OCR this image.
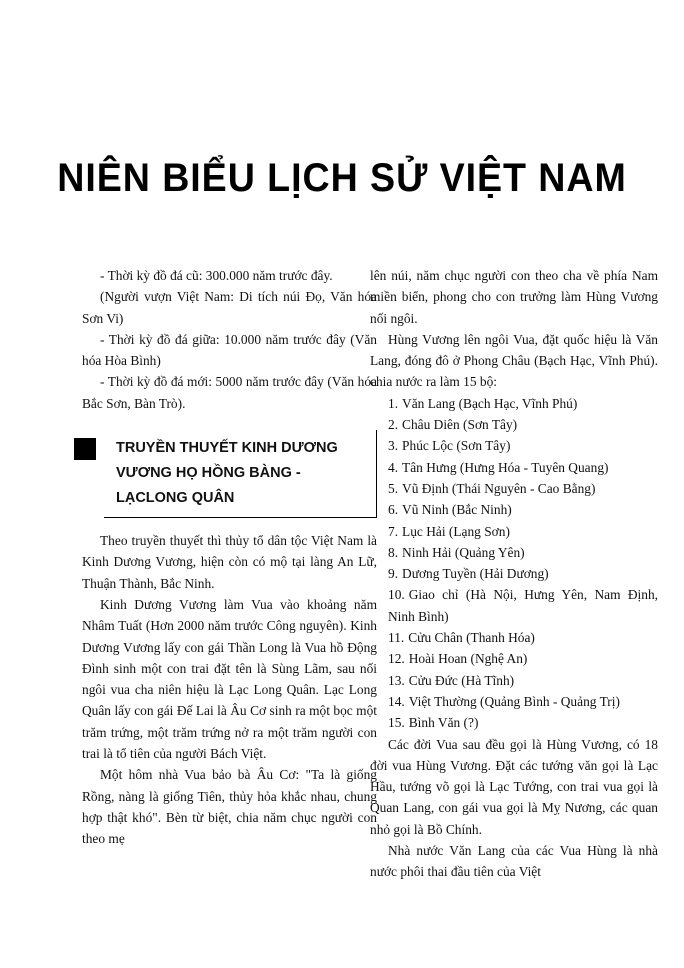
NIÊN BIỂU LỊCH SỬ VIỆT NAM

- Thời kỳ đồ đá cũ: 300.000 năm trước đây.

(Người vượn Việt Nam: Di tích núi Đọ, Văn hóa Sơn Vi)

- Thời kỳ đồ đá giữa: 10.000 năm trước đây (Văn hóa Hòa Bình)

- Thời kỳ đồ đá mới: 5000 năm trước đây (Văn hóa Bắc Sơn, Bàn Trò).

TRUYỀN THUYẾT KINH DƯƠNG VƯƠNG HỌ HỒNG BÀNG - LẠCLONG QUÂN

Theo truyền thuyết thì thủy tổ dân tộc Việt Nam là Kinh Dương Vương, hiện còn có mộ tại làng An Lữ, Thuận Thành, Bắc Ninh.

Kinh Dương Vương làm Vua vào khoảng năm Nhâm Tuất (Hơn 2000 năm trước Công nguyên). Kinh Dương Vương lấy con gái Thần Long là Vua hồ Động Đình sinh một con trai đặt tên là Sùng Lãm, sau nối ngôi vua cha niên hiệu là Lạc Long Quân. Lạc Long Quân lấy con gái Đế Lai là Âu Cơ sinh ra một bọc một trăm trứng, một trăm trứng nở ra một trăm người con trai là tổ tiên của người Bách Việt.

Một hôm nhà Vua bảo bà Âu Cơ: "Ta là giống Rồng, nàng là giống Tiên, thủy hỏa khắc nhau, chung hợp thật khó". Bèn từ biệt, chia năm chục người con theo mẹ

lên núi, năm chục người con theo cha về phía Nam miền biển, phong cho con trưởng làm Hùng Vương nối ngôi.

Hùng Vương lên ngôi Vua, đặt quốc hiệu là Văn Lang, đóng đô ở Phong Châu (Bạch Hạc, Vĩnh Phú). chia nước ra làm 15 bộ:

1. Văn Lang (Bạch Hạc, Vĩnh Phú)
2. Châu Diên (Sơn Tây)
3. Phúc Lộc (Sơn Tây)
4. Tân Hưng (Hưng Hóa - Tuyên Quang)
5. Vũ Định (Thái Nguyên - Cao Bằng)
6. Vũ Ninh (Bắc Ninh)
7. Lục Hải (Lạng Sơn)
8. Ninh Hải (Quảng Yên)
9. Dương Tuyền (Hải Dương)
10. Giao chỉ (Hà Nội, Hưng Yên, Nam Định, Ninh Bình)
11. Cửu Chân (Thanh Hóa)
12. Hoài Hoan (Nghệ An)
13. Cửu Đức (Hà Tĩnh)
14. Việt Thường (Quảng Bình - Quảng Trị)
15. Bình Văn (?)

Các đời Vua sau đều gọi là Hùng Vương, có 18 đời vua Hùng Vương. Đặt các tướng văn gọi là Lạc Hầu, tướng võ gọi là Lạc Tướng, con trai vua gọi là Quan Lang, con gái vua gọi là Mỵ Nương, các quan nhỏ gọi là Bồ Chính.

Nhà nước Văn Lang của các Vua Hùng là nhà nước phôi thai đầu tiên của Việt
